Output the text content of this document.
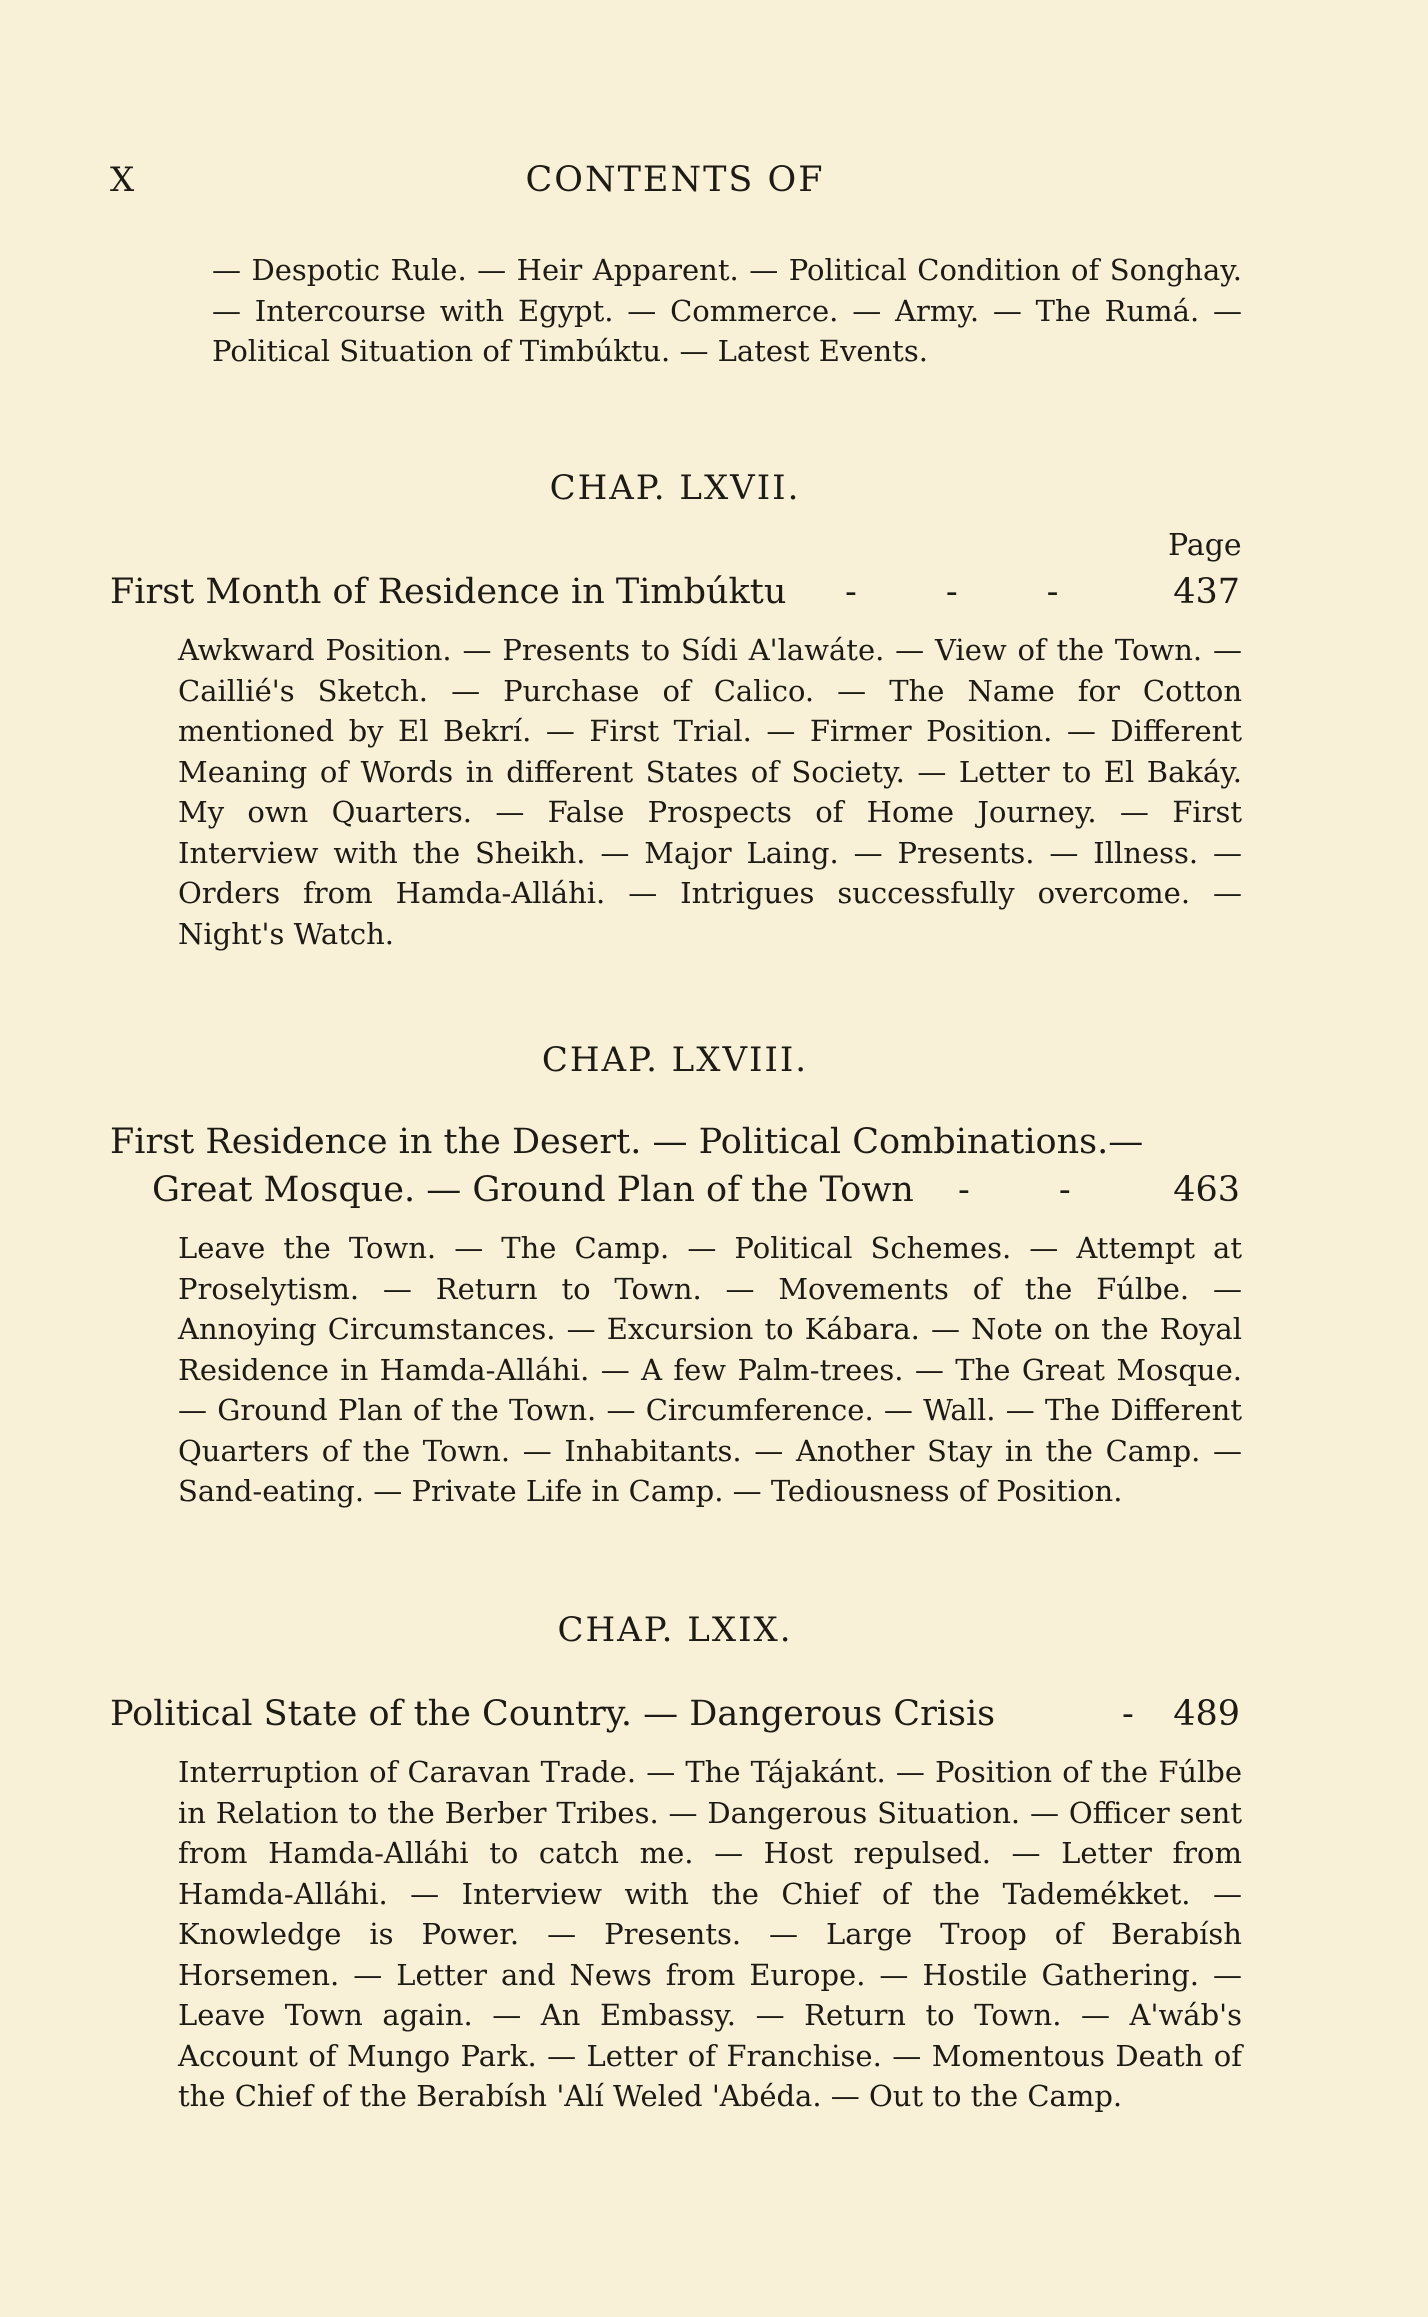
X	CONTENTS OF
— Despotic Rule. — Heir Apparent. — Political Condition of Songhay. — Intercourse with Egypt. — Commerce. — Army. — The Rumá. — Political Situation of Timbúktu. — Latest Events.
CHAP. LXVII.
Page
First Month of Residence in Timbúktu -        -        -	437
Awkward Position. — Presents to Sídi A'lawáte. — View of the Town. — Caillié's Sketch. — Purchase of Calico. — The Name for Cotton mentioned by El Bekrí. — First Trial. — Firmer Position. — Different Meaning of Words in different States of Society. — Letter to El Bakáy. My own Quarters. — False Prospects of Home Journey. — First Interview with the Sheikh. — Major Laing. — Presents. — Illness. — Orders from Hamda-Alláhi. — Intrigues successfully overcome. — Night's Watch.
CHAP. LXVIII.
First Residence in the Desert. — Political Combinations.—
Great Mosque. — Ground Plan of the Town -        -	463
Leave the Town. — The Camp. — Political Schemes. — Attempt at Proselytism. — Return to Town. — Movements of the Fúlbe. — Annoying Circumstances. — Excursion to Kábara. — Note on the Royal Residence in Hamda-Alláhi. — A few Palm-trees. — The Great Mosque. — Ground Plan of the Town. — Circumference. — Wall. — The Different Quarters of the Town. — Inhabitants. — Another Stay in the Camp. — Sand-eating. — Private Life in Camp. — Tediousness of Position.
CHAP. LXIX.
Political State of the Country. — Dangerous Crisis	-	489
Interruption of Caravan Trade. — The Tájakánt. — Position of the Fúlbe in Relation to the Berber Tribes. — Dangerous Situation. — Officer sent from Hamda-Alláhi to catch me. — Host repulsed. — Letter from Hamda-Alláhi. — Interview with the Chief of the Tademékket. — Knowledge is Power. — Presents. — Large Troop of Berabísh Horsemen. — Letter and News from Europe. — Hostile Gathering. — Leave Town again. — An Embassy. — Return to Town. — A'wáb's Account of Mungo Park. — Letter of Franchise. — Momentous Death of the Chief of the Berabísh 'Alí Weled 'Abéda. — Out to the Camp.
